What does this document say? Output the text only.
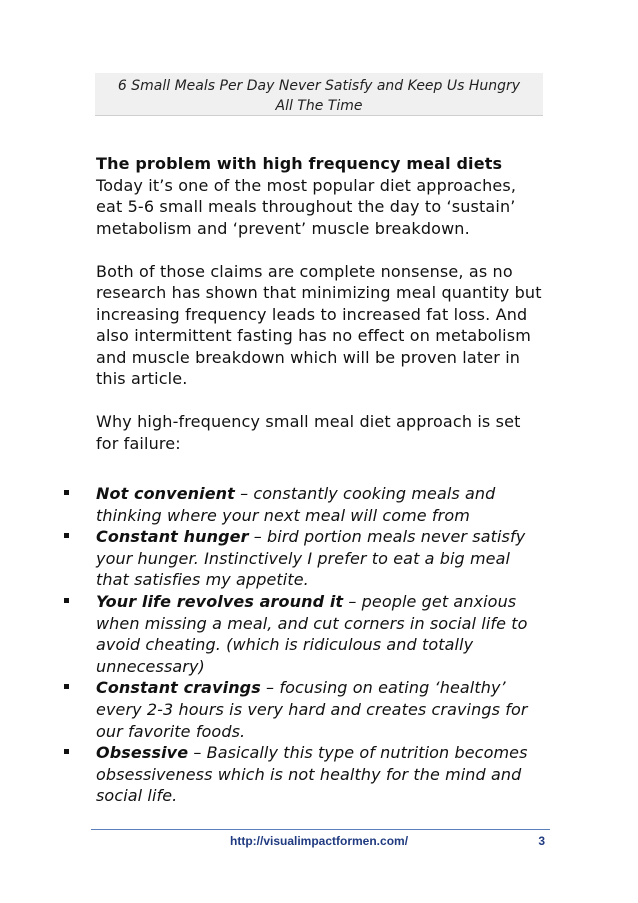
6 Small Meals Per Day Never Satisfy and Keep Us Hungry
All The Time

The problem with high frequency meal diets

Today it’s one of the most popular diet approaches, eat 5-6 small meals throughout the day to ‘sustain’ metabolism and ‘prevent’ muscle breakdown.

Both of those claims are complete nonsense, as no research has shown that minimizing meal quantity but increasing frequency leads to increased fat loss. And also intermittent fasting has no effect on metabolism and muscle breakdown which will be proven later in this article.

Why high-frequency small meal diet approach is set for failure:

Not convenient – constantly cooking meals and thinking where your next meal will come from
Constant hunger – bird portion meals never satisfy your hunger. Instinctively I prefer to eat a big meal that satisfies my appetite.
Your life revolves around it – people get anxious when missing a meal, and cut corners in social life to avoid cheating. (which is ridiculous and totally unnecessary)
Constant cravings – focusing on eating ‘healthy’ every 2-3 hours is very hard and creates cravings for our favorite foods.
Obsessive – Basically this type of nutrition becomes obsessiveness which is not healthy for the mind and social life.
http://visualimpactformen.com/	3
